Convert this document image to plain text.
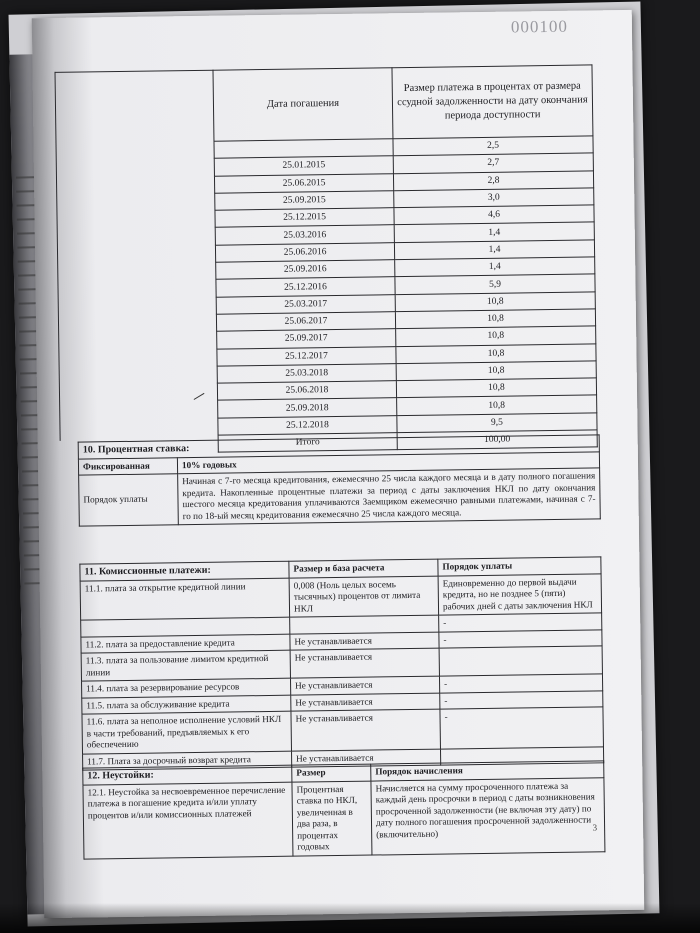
000100
Дата погашения	Размер платежа в процентах от размера ссудной задолженности на дату окончания периода доступности
	2,5
25.01.2015	2,7
25.06.2015	2,8
25.09.2015	3,0
25.12.2015	4,6
25.03.2016	1,4
25.06.2016	1,4
25.09.2016	1,4
25.12.2016	5,9
25.03.2017	10,8
25.06.2017	10,8
25.09.2017	10,8
25.12.2017	10,8
25.03.2018	10,8
25.06.2018	10,8
25.09.2018	10,8
25.12.2018	9,5
Итого	100,00
10. Процентная ставка:	
Фиксированная	10% годовых
Порядок уплаты	Начиная с 7-го месяца кредитования, ежемесячно 25 числа каждого месяца и в дату полного погашения кредита. Накопленные процентные платежи за период с даты заключения НКЛ по дату окончания шестого месяца кредитования уплачиваются Заемщиком ежемесячно равными платежами, начиная с 7-го по 18-ый месяц кредитования ежемесячно 25 числа каждого месяца.
11. Комиссионные платежи:	Размер и база расчета	Порядок уплаты
11.1. плата за открытие кредитной линии	0,008 (Ноль целых восемь тысячных) процентов от лимита НКЛ	Единовременно до первой выдачи кредита, но не позднее 5 (пяти) рабочих дней с даты заключения НКЛ
		-
11.2. плата за предоставление кредита	Не устанавливается	-
11.3. плата за пользование лимитом кредитной линии	Не устанавливается	
11.4. плата за резервирование ресурсов	Не устанавливается	-
11.5. плата за обслуживание кредита	Не устанавливается	-
11.6. плата за неполное исполнение условий НКЛ в части требований, предъявляемых к его обеспечению	Не устанавливается	-
11.7. Плата за досрочный возврат кредита	Не устанавливается	
12. Неустойки:	Размер	Порядок начисления
12.1. Неустойка за несвоевременное перечисление платежа в погашение кредита и/или уплату процентов и/или комиссионных платежей	Процентная ставка по НКЛ, увеличенная в два раза, в процентах годовых	Начисляется на сумму просроченного платежа за каждый день просрочки в период с даты возникновения просроченной задолженности (не включая эту дату) по дату полного погашения просроченной задолженности (включительно)
3
